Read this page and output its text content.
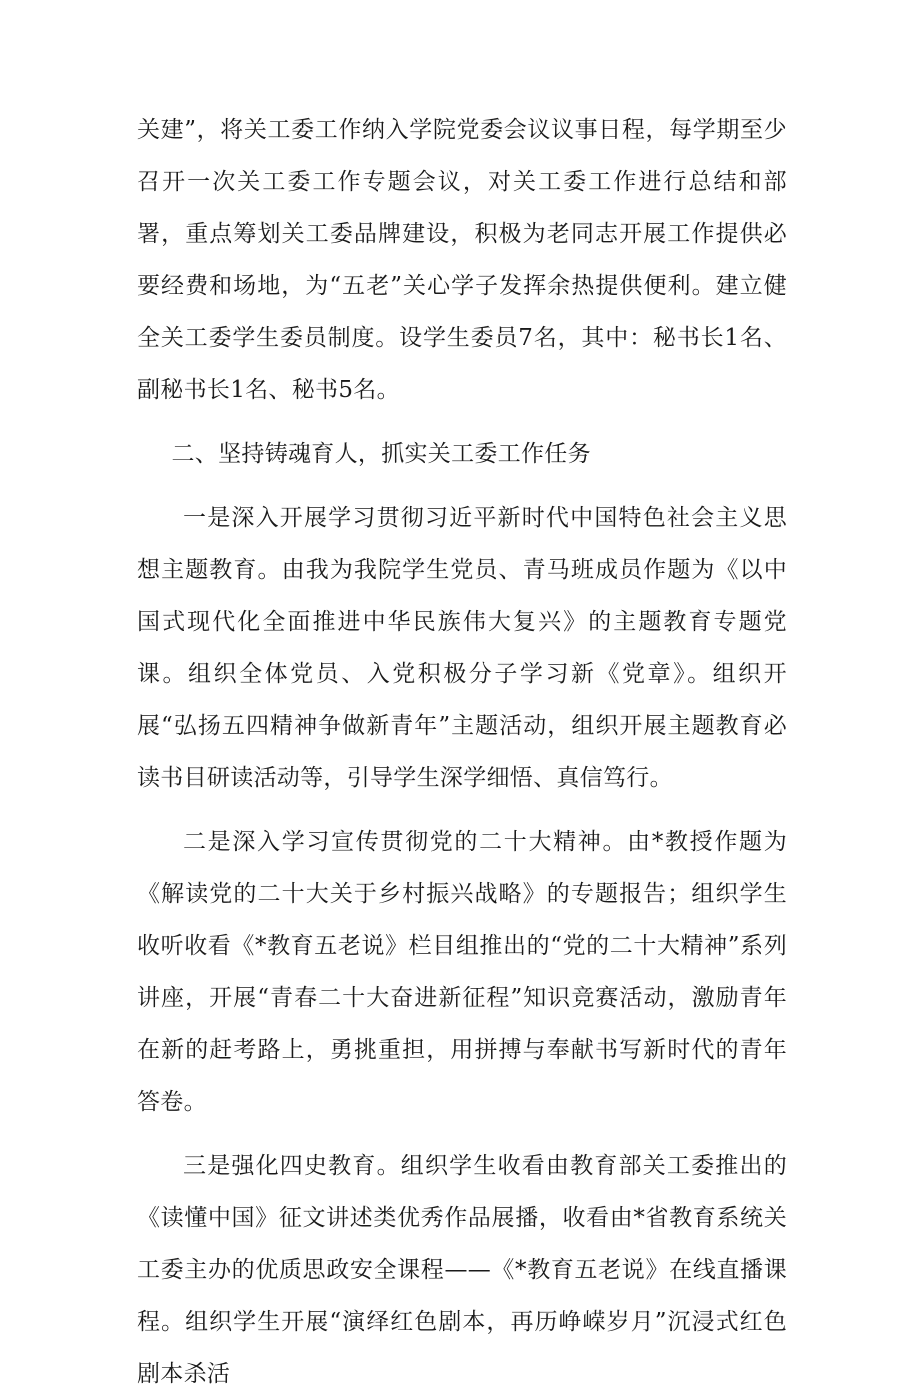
关建”，将关工委工作纳入学院党委会议议事日程，每学期至少召开一次关工委工作专题会议，对关工委工作进行总结和部署，重点筹划关工委品牌建设，积极为老同志开展工作提供必要经费和场地，为“五老”关心学子发挥余热提供便利。建立健全关工委学生委员制度。设学生委员7名，其中：秘书长1名、副秘书长1名、秘书5名。

二、坚持铸魂育人，抓实关工委工作任务

一是深入开展学习贯彻习近平新时代中国特色社会主义思想主题教育。由我为我院学生党员、青马班成员作题为《以中国式现代化全面推进中华民族伟大复兴》的主题教育专题党课。组织全体党员、入党积极分子学习新《党章》。组织开展“弘扬五四精神争做新青年”主题活动，组织开展主题教育必读书目研读活动等，引导学生深学细悟、真信笃行。

二是深入学习宣传贯彻党的二十大精神。由*教授作题为《解读党的二十大关于乡村振兴战略》的专题报告；组织学生收听收看《*教育五老说》栏目组推出的“党的二十大精神”系列讲座，开展“青春二十大奋进新征程”知识竞赛活动，激励青年在新的赶考路上，勇挑重担，用拼搏与奉献书写新时代的青年答卷。

三是强化四史教育。组织学生收看由教育部关工委推出的《读懂中国》征文讲述类优秀作品展播，收看由*省教育系统关工委主办的优质思政安全课程——《*教育五老说》在线直播课程。组织学生开展“演绎红色剧本，再历峥嵘岁月”沉浸式红色剧本杀活
